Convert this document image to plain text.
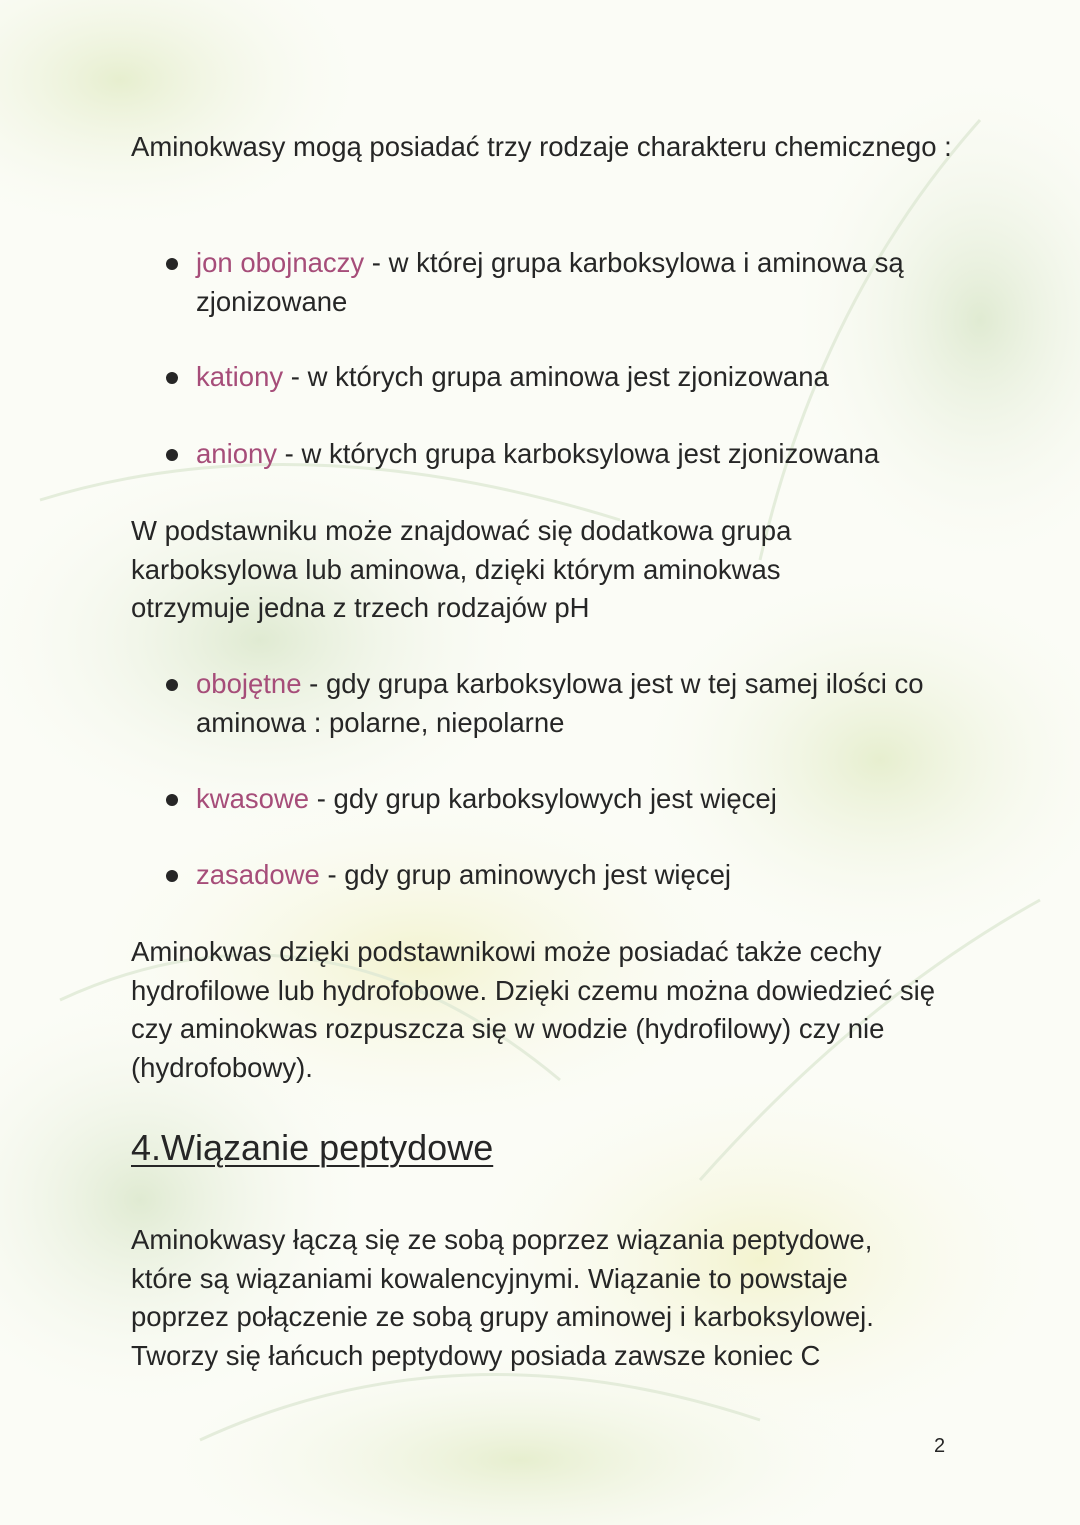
Aminokwasy mogą posiadać trzy rodzaje charakteru chemicznego :

jon obojnaczy - w której grupa karboksylowa i aminowa są zjonizowane
kationy - w których grupa aminowa jest zjonizowana
aniony - w których grupa karboksylowa jest zjonizowana

W podstawniku może znajdować się dodatkowa grupa karboksylowa lub aminowa, dzięki którym aminokwas otrzymuje jedna z trzech rodzajów pH

obojętne - gdy grupa karboksylowa jest w tej samej ilości co aminowa : polarne, niepolarne
kwasowe - gdy grup karboksylowych jest więcej
zasadowe - gdy grup aminowych jest więcej

Aminokwas dzięki podstawnikowi może posiadać także cechy hydrofilowe lub hydrofobowe. Dzięki czemu można dowiedzieć się czy aminokwas rozpuszcza się w wodzie (hydrofilowy) czy nie (hydrofobowy).

4.Wiązanie peptydowe

Aminokwasy łączą się ze sobą poprzez wiązania peptydowe, które są wiązaniami kowalencyjnymi. Wiązanie to powstaje poprzez połączenie ze sobą grupy aminowej i karboksylowej. Tworzy się łańcuch peptydowy posiada zawsze koniec C

2
